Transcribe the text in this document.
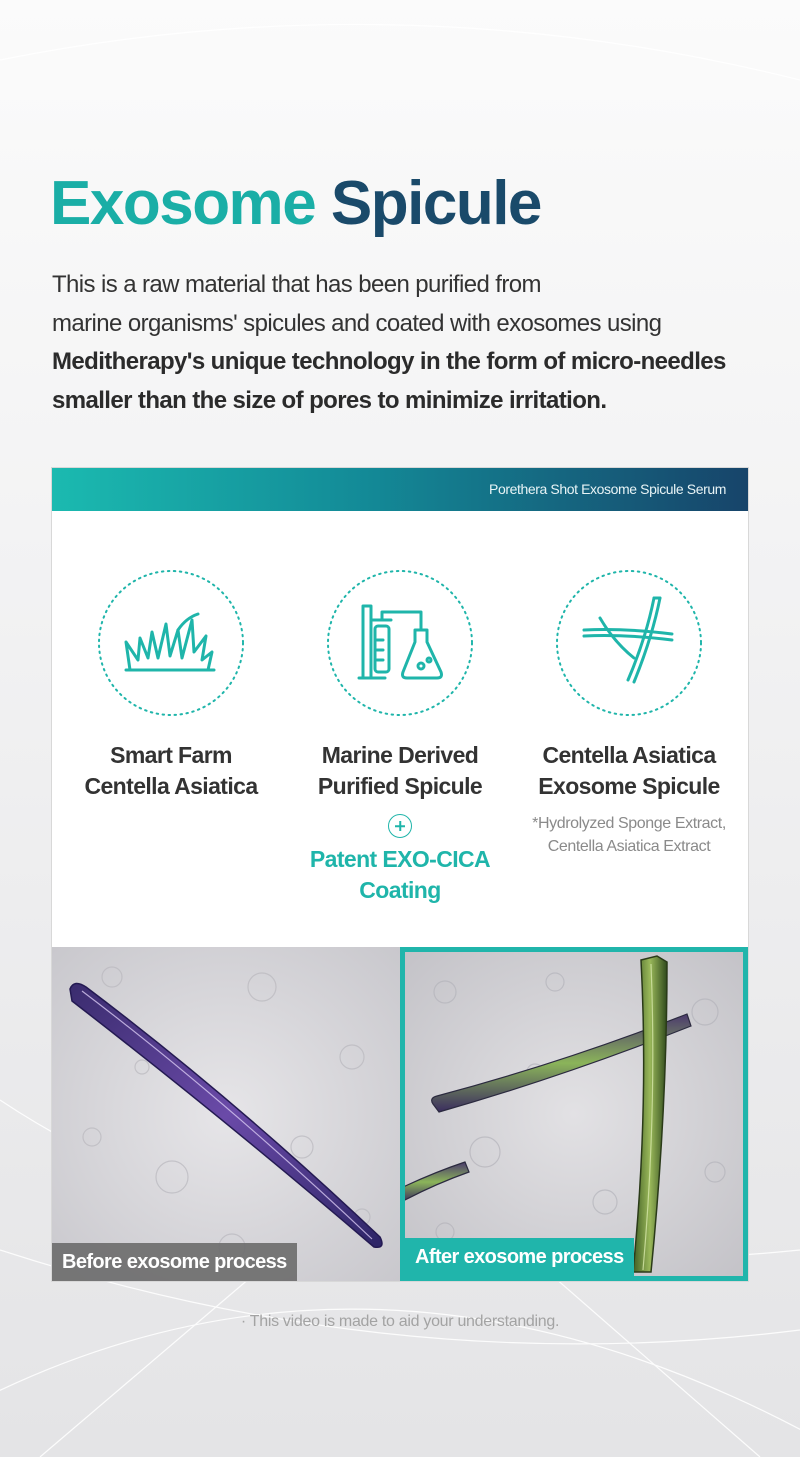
Exosome Spicule

This is a raw material that has been purified from

marine organisms' spicules and coated with exosomes using

Meditherapy's unique technology in the form of micro-needles

smaller than the size of pores to minimize irritation.

Porethera Shot Exosome Spicule Serum
Smart Farm
Centella Asiatica
Marine Derived
Purified Spicule
Patent EXO-CICA
Coating
Centella Asiatica
Exosome Spicule
*Hydrolyzed Sponge Extract,
Centella Asiatica Extract
Before exosome process	After exosome process
· This video is made to aid your understanding.
